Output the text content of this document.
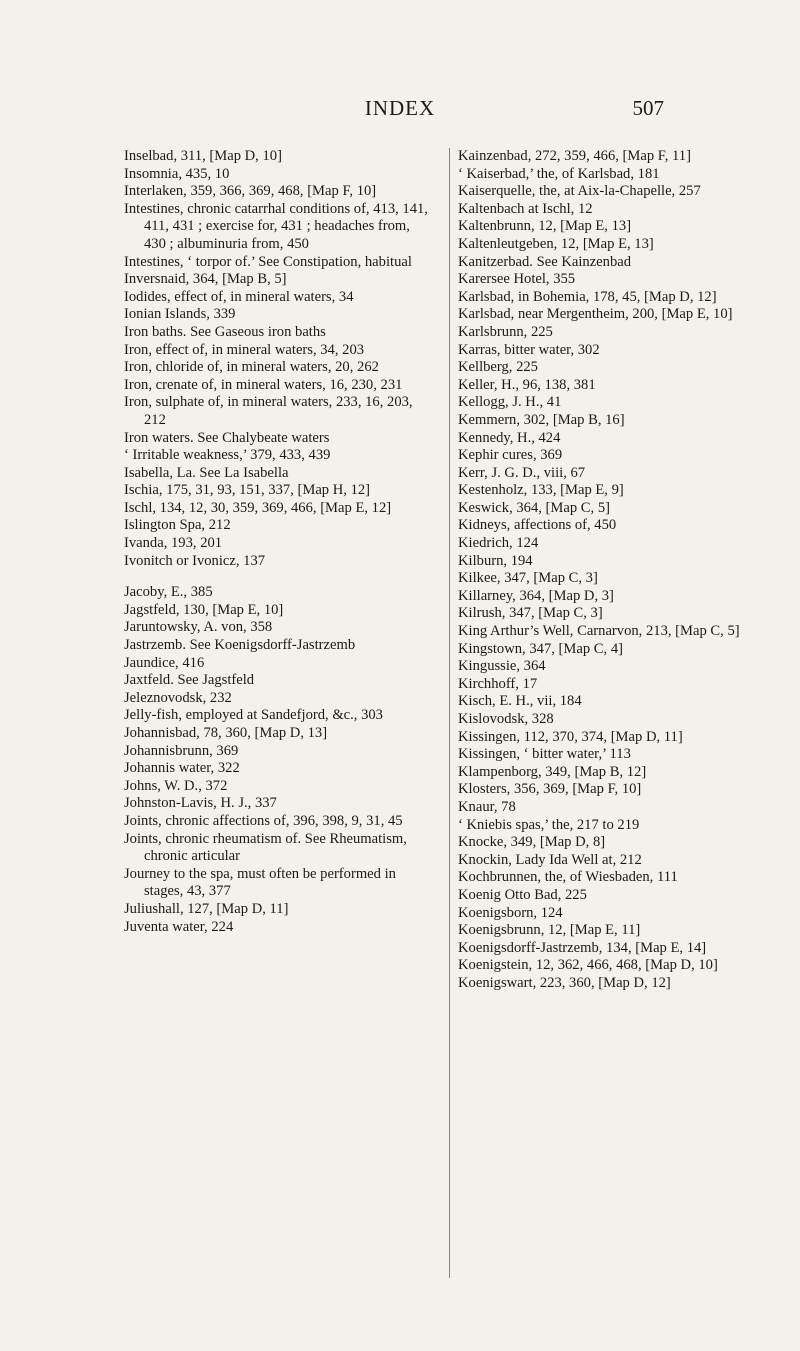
INDEX	507
Inselbad, 311, [Map D, 10]
Insomnia, 435, 10
Interlaken, 359, 366, 369, 468, [Map F, 10]
Intestines, chronic catarrhal conditions of, 413, 141, 411, 431 ; exercise for, 431 ; headaches from, 430 ; albuminuria from, 450
Intestines, ‘ torpor of.’ See Constipation, habitual
Inversnaid, 364, [Map B, 5]
Iodides, effect of, in mineral waters, 34
Ionian Islands, 339
Iron baths. See Gaseous iron baths
Iron, effect of, in mineral waters, 34, 203
Iron, chloride of, in mineral waters, 20, 262
Iron, crenate of, in mineral waters, 16, 230, 231
Iron, sulphate of, in mineral waters, 233, 16, 203, 212
Iron waters. See Chalybeate waters
‘ Irritable weakness,’ 379, 433, 439
Isabella, La. See La Isabella
Ischia, 175, 31, 93, 151, 337, [Map H, 12]
Ischl, 134, 12, 30, 359, 369, 466, [Map E, 12]
Islington Spa, 212
Ivanda, 193, 201
Ivonitch or Ivonicz, 137
Jacoby, E., 385
Jagstfeld, 130, [Map E, 10]
Jaruntowsky, A. von, 358
Jastrzemb. See Koenigsdorff-Jastrzemb
Jaundice, 416
Jaxtfeld. See Jagstfeld
Jeleznovodsk, 232
Jelly-fish, employed at Sandefjord, &c., 303
Johannisbad, 78, 360, [Map D, 13]
Johannisbrunn, 369
Johannis water, 322
Johns, W. D., 372
Johnston-Lavis, H. J., 337
Joints, chronic affections of, 396, 398, 9, 31, 45
Joints, chronic rheumatism of. See Rheumatism, chronic articular
Journey to the spa, must often be performed in stages, 43, 377
Juliushall, 127, [Map D, 11]
Juventa water, 224
Kainzenbad, 272, 359, 466, [Map F, 11]
‘ Kaiserbad,’ the, of Karlsbad, 181
Kaiserquelle, the, at Aix-la-Chapelle, 257
Kaltenbach at Ischl, 12
Kaltenbrunn, 12, [Map E, 13]
Kaltenleutgeben, 12, [Map E, 13]
Kanitzerbad. See Kainzenbad
Karersee Hotel, 355
Karlsbad, in Bohemia, 178, 45, [Map D, 12]
Karlsbad, near Mergentheim, 200, [Map E, 10]
Karlsbrunn, 225
Karras, bitter water, 302
Kellberg, 225
Keller, H., 96, 138, 381
Kellogg, J. H., 41
Kemmern, 302, [Map B, 16]
Kennedy, H., 424
Kephir cures, 369
Kerr, J. G. D., viii, 67
Kestenholz, 133, [Map E, 9]
Keswick, 364, [Map C, 5]
Kidneys, affections of, 450
Kiedrich, 124
Kilburn, 194
Kilkee, 347, [Map C, 3]
Killarney, 364, [Map D, 3]
Kilrush, 347, [Map C, 3]
King Arthur’s Well, Carnarvon, 213, [Map C, 5]
Kingstown, 347, [Map C, 4]
Kingussie, 364
Kirchhoff, 17
Kisch, E. H., vii, 184
Kislovodsk, 328
Kissingen, 112, 370, 374, [Map D, 11]
Kissingen, ‘ bitter water,’ 113
Klampenborg, 349, [Map B, 12]
Klosters, 356, 369, [Map F, 10]
Knaur, 78
‘ Kniebis spas,’ the, 217 to 219
Knocke, 349, [Map D, 8]
Knockin, Lady Ida Well at, 212
Kochbrunnen, the, of Wiesbaden, 111
Koenig Otto Bad, 225
Koenigsborn, 124
Koenigsbrunn, 12, [Map E, 11]
Koenigsdorff-Jastrzemb, 134, [Map E, 14]
Koenigstein, 12, 362, 466, 468, [Map D, 10]
Koenigswart, 223, 360, [Map D, 12]
